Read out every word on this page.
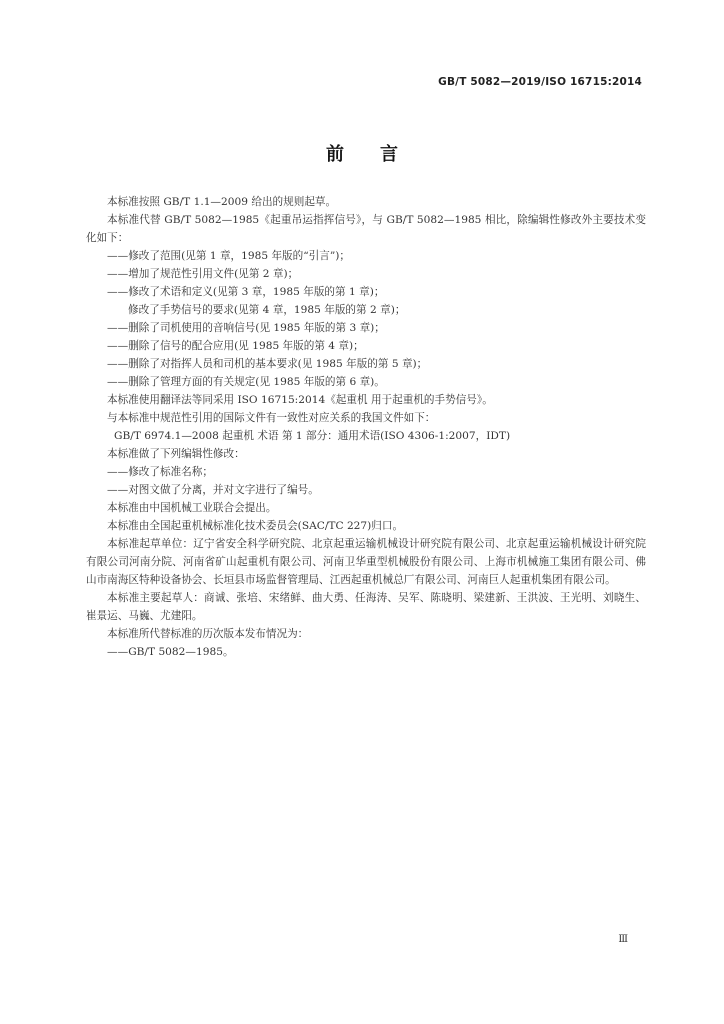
GB/T 5082—2019/ISO 16715:2014
前言

本标准按照 GB/T 1.1—2009 给出的规则起草。

本标准代替 GB/T 5082—1985《起重吊运指挥信号》，与 GB/T 5082—1985 相比，除编辑性修改外主要技术变化如下：

——修改了范围(见第 1 章，1985 年版的“引言”)；

——增加了规范性引用文件(见第 2 章)；

——修改了术语和定义(见第 3 章，1985 年版的第 1 章)；

修改了手势信号的要求(见第 4 章，1985 年版的第 2 章)；

——删除了司机使用的音响信号(见 1985 年版的第 3 章)；

——删除了信号的配合应用(见 1985 年版的第 4 章)；

——删除了对指挥人员和司机的基本要求(见 1985 年版的第 5 章)；

——删除了管理方面的有关规定(见 1985 年版的第 6 章)。

本标准使用翻译法等同采用 ISO 16715:2014《起重机 用于起重机的手势信号》。

与本标准中规范性引用的国际文件有一致性对应关系的我国文件如下：

GB/T 6974.1—2008 起重机 术语 第 1 部分：通用术语(ISO 4306-1:2007，IDT)

本标准做了下列编辑性修改：

——修改了标准名称；

——对图文做了分离，并对文字进行了编号。

本标准由中国机械工业联合会提出。

本标准由全国起重机械标准化技术委员会(SAC/TC 227)归口。

本标准起草单位：辽宁省安全科学研究院、北京起重运输机械设计研究院有限公司、北京起重运输机械设计研究院有限公司河南分院、河南省矿山起重机有限公司、河南卫华重型机械股份有限公司、上海市机械施工集团有限公司、佛山市南海区特种设备协会、长垣县市场监督管理局、江西起重机械总厂有限公司、河南巨人起重机集团有限公司。

本标准主要起草人：商诚、张培、宋绪鲜、曲大勇、任海涛、吴军、陈晓明、梁建新、王洪波、王光明、刘晓生、崔景运、马巍、尤建阳。

本标准所代替标准的历次版本发布情况为：

——GB/T 5082—1985。

Ⅲ
